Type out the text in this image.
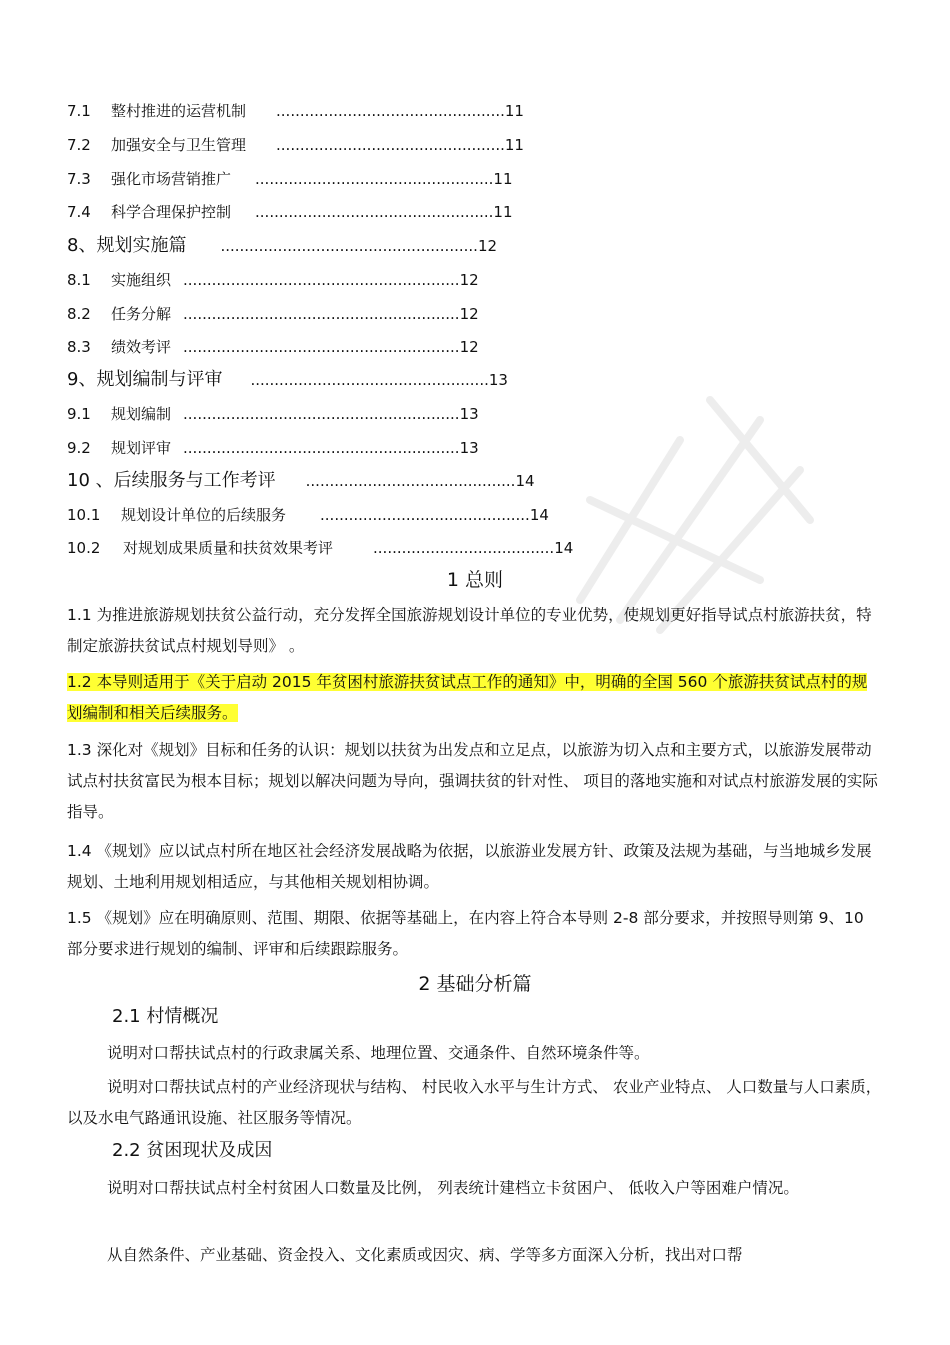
7.1 整村推进的运营机制 ................................................11
7.2 加强安全与卫生管理 ................................................11
7.3 强化市场营销推广 ..................................................11
7.4 科学合理保护控制 ..................................................11
8、规划实施篇 ......................................................12
8.1 实施组织 ..........................................................12
8.2 任务分解 ..........................................................12
8.3 绩效考评 ..........................................................12
9、规划编制与评审 ..................................................13
9.1 规划编制 ..........................................................13
9.2 规划评审 ..........................................................13
10 、后续服务与工作考评 ............................................14
10.1 规划设计单位的后续服务 ............................................14
10.2 对规划成果质量和扶贫效果考评	......................................14
1 总则
1.1 为推进旅游规划扶贫公益行动，充分发挥全国旅游规划设计单位的专业优势，使规划更好指导试点村旅游扶贫，特制定旅游扶贫试点村规划导则》 。
1.2 本导则适用于《关于启动 2015 年贫困村旅游扶贫试点工作的通知》中，明确的全国 560 个旅游扶贫试点村的规划编制和相关后续服务。
1.3 深化对《规划》目标和任务的认识：规划以扶贫为出发点和立足点，以旅游为切入点和主要方式，以旅游发展带动试点村扶贫富民为根本目标；规划以解决问题为导向，强调扶贫的针对性、 项目的落地实施和对试点村旅游发展的实际指导。
1.4 《规划》应以试点村所在地区社会经济发展战略为依据，以旅游业发展方针、政策及法规为基础，与当地城乡发展规划、土地利用规划相适应，与其他相关规划相协调。
1.5 《规划》应在明确原则、范围、期限、依据等基础上，在内容上符合本导则 2-8 部分要求，并按照导则第 9、10 部分要求进行规划的编制、评审和后续跟踪服务。
2 基础分析篇
2.1 村情概况
说明对口帮扶试点村的行政隶属关系、地理位置、交通条件、自然环境条件等。
说明对口帮扶试点村的产业经济现状与结构、 村民收入水平与生计方式、 农业产业特点、 人口数量与人口素质，以及水电气路通讯设施、社区服务等情况。
2.2 贫困现状及成因
说明对口帮扶试点村全村贫困人口数量及比例， 列表统计建档立卡贫困户、 低收入户等困难户情况。
从自然条件、产业基础、资金投入、文化素质或因灾、病、学等多方面深入分析，找出对口帮
